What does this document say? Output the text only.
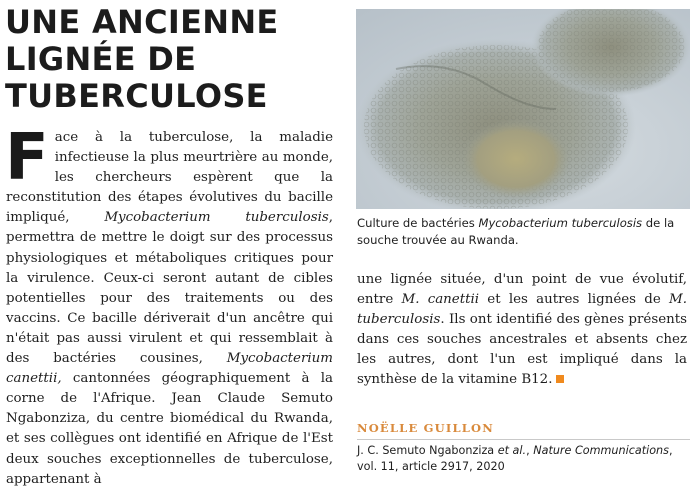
UNE ANCIENNE
LIGNÉE DE
TUBERCULOSE

Face à la tuberculose, la maladie infectieuse la plus meurtrière au monde, les chercheurs espèrent que la reconstitution des étapes évolutives du bacille impliqué, Mycobacterium tuberculosis, permettra de mettre le doigt sur des processus physiologiques et métaboliques critiques pour la virulence. Ceux-ci seront autant de cibles potentielles pour des traitements ou des vaccins. Ce bacille dériverait d'un ancêtre qui n'était pas aussi virulent et qui ressemblait à des bactéries cousines, Mycobacterium canettii, cantonnées géographiquement à la corne de l'Afrique. Jean Claude Semuto Ngabonziza, du centre biomédical du Rwanda, et ses collègues ont identifié en Afrique de l'Est deux souches exceptionnelles de tuberculose, appartenant à

Culture de bactéries Mycobacterium tuberculosis de la souche trouvée au Rwanda.

une lignée située, d'un point de vue évolutif, entre M. canettii et les autres lignées de M. tuberculosis. Ils ont identifié des gènes présents dans ces souches ancestrales et absents chez les autres, dont l'un est impliqué dans la synthèse de la vitamine B12.

NOËLLE GUILLON
J. C. Semuto Ngabonziza et al., Nature Communications, vol. 11, article 2917, 2020
